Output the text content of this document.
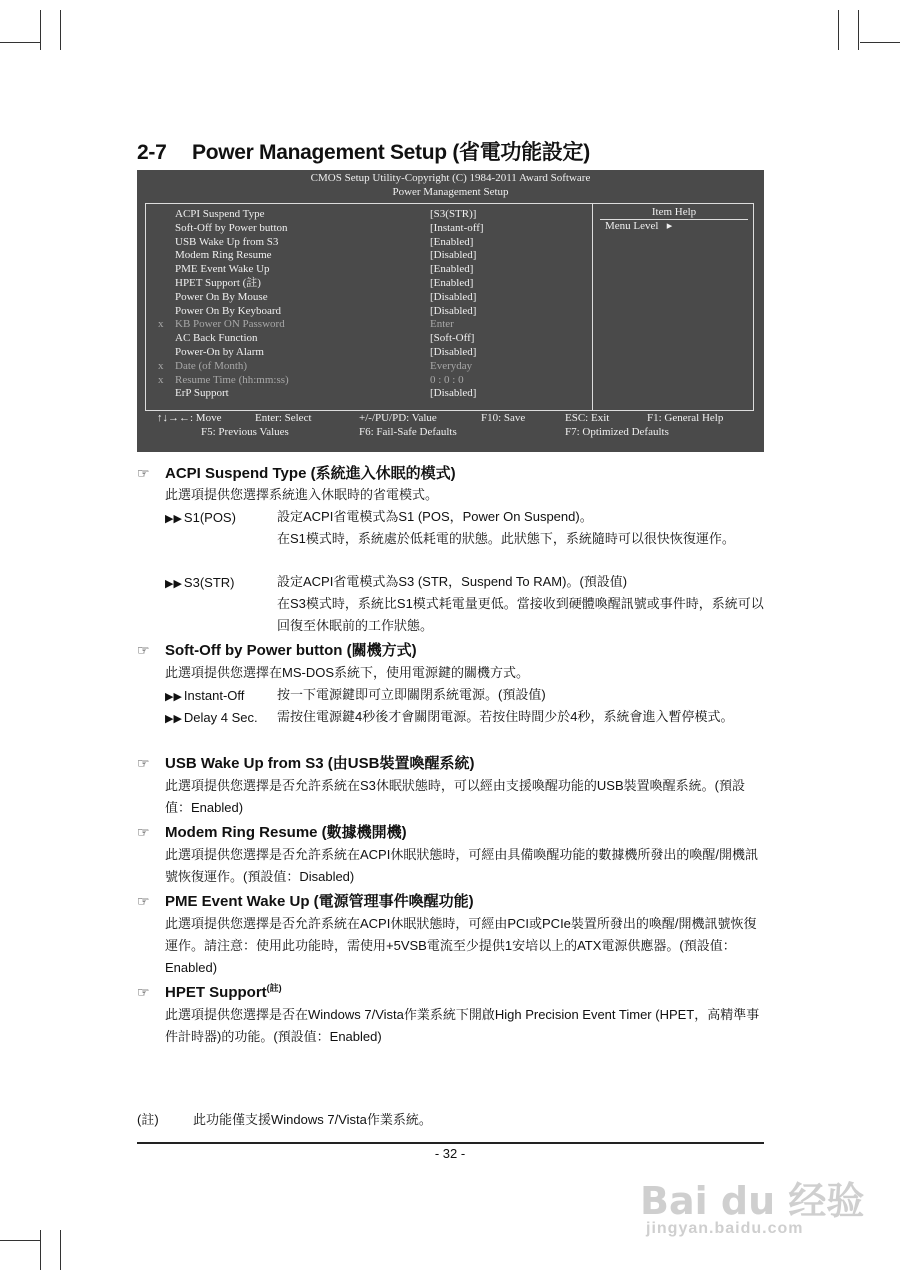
2-7 Power Management Setup (省電功能設定)
CMOS Setup Utility-Copyright (C) 1984-2011 Award Software
Power Management Setup
Item Help
Menu Level ▸
ACPI Suspend Type	[S3(STR)]
Soft-Off by Power button	[Instant-off]
USB Wake Up from S3	[Enabled]
Modem Ring Resume	[Disabled]
PME Event Wake Up	[Enabled]
HPET Support (註)	[Enabled]
Power On By Mouse	[Disabled]
Power On By Keyboard	[Disabled]
x KB Power ON Password	Enter
AC Back Function	[Soft-Off]
Power-On by Alarm	[Disabled]
x Date (of Month)	Everyday
x Resume Time (hh:mm:ss)	0 : 0 : 0
ErP Support	[Disabled]
↑↓→←: Move	Enter: Select	+/-/PU/PD: Value	F10: Save	ESC: Exit	F1: General Help
F5: Previous Values	F6: Fail-Safe Defaults	F7: Optimized Defaults
☞ ACPI Suspend Type (系統進入休眠的模式)
此選項提供您選擇系統進入休眠時的省電模式。
▶▶ S1(POS)	設定ACPI省電模式為S1 (POS，Power On Suspend)。
在S1模式時，系統處於低耗電的狀態。此狀態下，系統隨時可以很快恢復運作。
▶▶ S3(STR)	設定ACPI省電模式為S3 (STR，Suspend To RAM)。(預設值)
在S3模式時，系統比S1模式耗電量更低。當接收到硬體喚醒訊號或事件時，系統可以回復至休眠前的工作狀態。
☞ Soft-Off by Power button (關機方式)
此選項提供您選擇在MS-DOS系統下，使用電源鍵的關機方式。
▶▶ Instant-Off	按一下電源鍵即可立即關閉系統電源。(預設值)
▶▶ Delay 4 Sec. 需按住電源鍵4秒後才會關閉電源。若按住時間少於4秒，系統會進入暫停模式。
☞ USB Wake Up from S3 (由USB裝置喚醒系統)
此選項提供您選擇是否允許系統在S3休眠狀態時，可以經由支援喚醒功能的USB裝置喚醒系統。(預設值：Enabled)
☞ Modem Ring Resume (數據機開機)
此選項提供您選擇是否允許系統在ACPI休眠狀態時，可經由具備喚醒功能的數據機所發出的喚醒/開機訊號恢復運作。(預設值：Disabled)
☞ PME Event Wake Up (電源管理事件喚醒功能)
此選項提供您選擇是否允許系統在ACPI休眠狀態時，可經由PCI或PCIe裝置所發出的喚醒/開機訊號恢復運作。請注意：使用此功能時，需使用+5VSB電流至少提供1安培以上的ATX電源供應器。(預設值：Enabled)
☞ HPET Support$^{(註)}$
此選項提供您選擇是否在Windows 7/Vista作業系統下開啟High Precision Event Timer (HPET，高精準事件計時器)的功能。(預設值：Enabled)
(註)	此功能僅支援Windows 7/Vista作業系統。
- 32 -
Bai du 经验
jingyan.baidu.com
